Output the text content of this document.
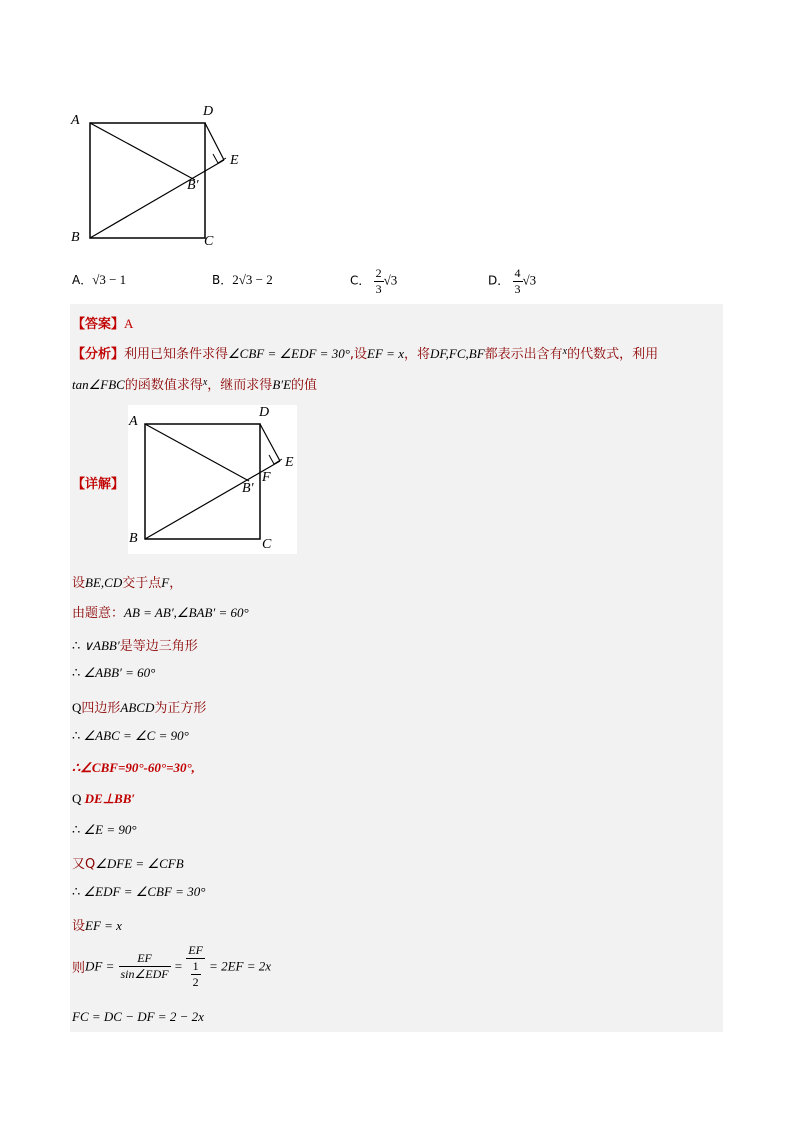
A
B	C
D
E
B′
A．√3 − 1	B．2√3 − 2	C． $\frac{2}{3} √3$	D． $\frac{4}{3} √3$
【答案】A
【分析】利用已知条件求得∠CBF = ∠EDF = 30°,设EF = x，将DF,FC,BF都表示出含有$^x$的代数式，利用
tan∠FBC的函数值求得$^x$，继而求得B′E的值
【详解】
A
B	C
D
E
F
B′
设BE,CD交于点F，
由题意：AB = AB′,∠BAB′ = 60°
∴ ∨ABB′是等边三角形
∴ ∠ABB′ = 60°
Q四边形ABCD为正方形
∴ ∠ABC = ∠C = 90°
∴∠CBF=90°-60°=30°,
Q DE⊥BB′
∴ ∠E = 90°
又Q∠DFE = ∠CFB
∴ ∠EDF = ∠CBF = 30°
设EF = x
则DF = $\frac{EF}{\text{sin∠EDF}} = \frac{EF}{\frac{1}{2}} = 2EF = 2x$
FC = DC − DF = 2 − 2x
